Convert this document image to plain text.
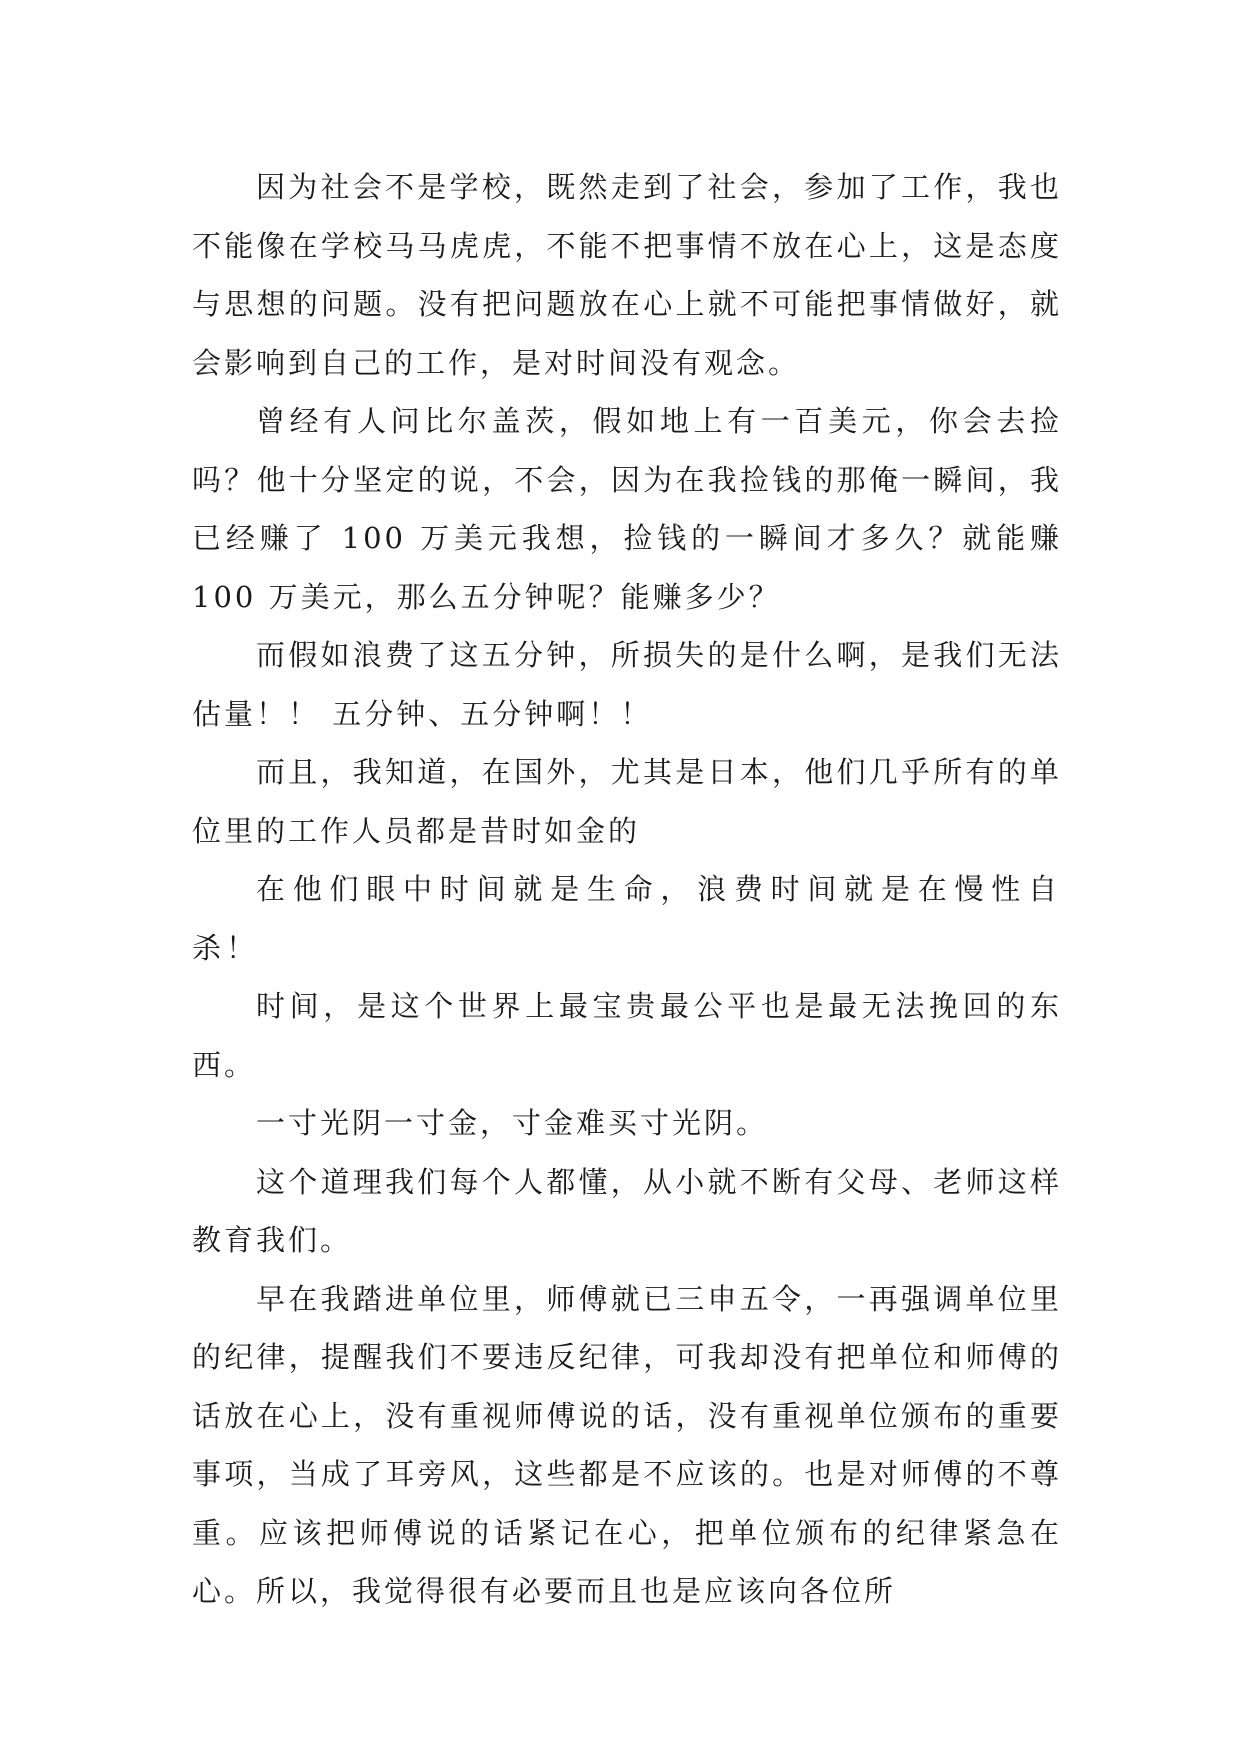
因为社会不是学校，既然走到了社会，参加了工作，我也不能像在学校马马虎虎，不能不把事情不放在心上，这是态度与思想的问题。没有把问题放在心上就不可能把事情做好，就会影响到自己的工作，是对时间没有观念。

曾经有人问比尔盖茨，假如地上有一百美元，你会去捡吗？他十分坚定的说，不会，因为在我捡钱的那俺一瞬间，我已经赚了 100 万美元我想，捡钱的一瞬间才多久？就能赚 100 万美元，那么五分钟呢？能赚多少？

而假如浪费了这五分钟，所损失的是什么啊，是我们无法估量！！ 五分钟、五分钟啊！！

而且，我知道，在国外，尤其是日本，他们几乎所有的单位里的工作人员都是昔时如金的

在他们眼中时间就是生命，浪费时间就是在慢性自杀！

时间，是这个世界上最宝贵最公平也是最无法挽回的东西。

一寸光阴一寸金，寸金难买寸光阴。

这个道理我们每个人都懂，从小就不断有父母、老师这样教育我们。

早在我踏进单位里，师傅就已三申五令，一再强调单位里的纪律，提醒我们不要违反纪律，可我却没有把单位和师傅的话放在心上，没有重视师傅说的话，没有重视单位颁布的重要事项，当成了耳旁风，这些都是不应该的。也是对师傅的不尊重。应该把师傅说的话紧记在心，把单位颁布的纪律紧急在心。所以，我觉得很有必要而且也是应该向各位所
